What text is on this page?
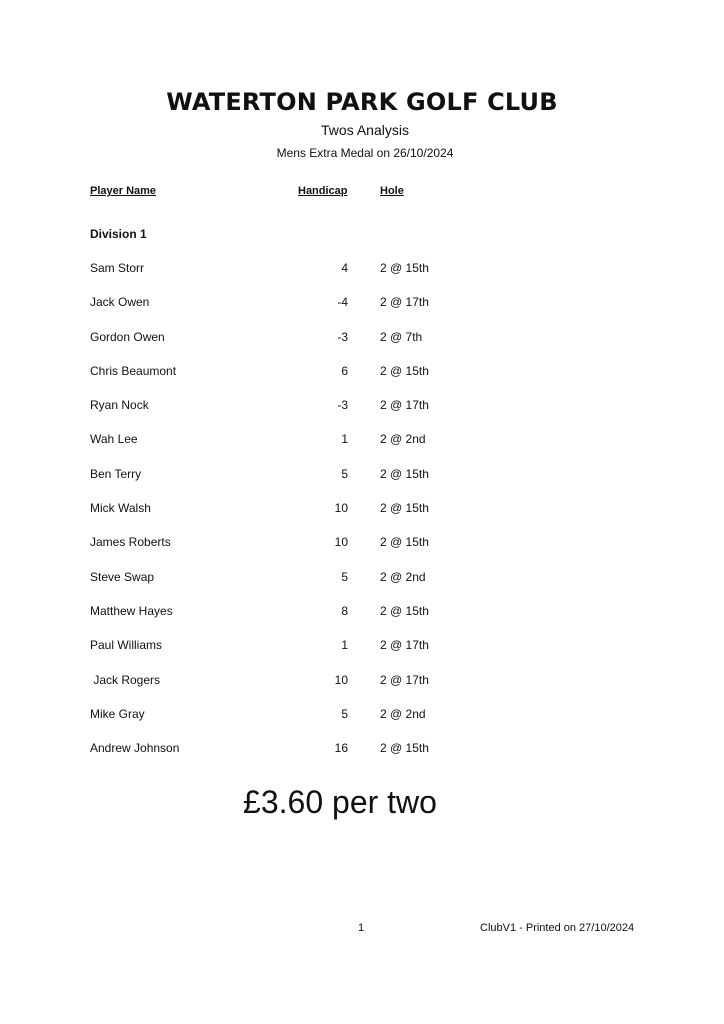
WATERTON PARK GOLF CLUB
Twos Analysis
Mens Extra Medal on 26/10/2024
Player Name	Handicap	Hole
Division 1
Sam Storr	4	2 @ 15th
Jack Owen	-4	2 @ 17th
Gordon Owen	-3	2 @ 7th
Chris Beaumont	6	2 @ 15th
Ryan Nock	-3	2 @ 17th
Wah Lee	1	2 @ 2nd
Ben Terry	5	2 @ 15th
Mick Walsh	10	2 @ 15th
James Roberts	10	2 @ 15th
Steve Swap	5	2 @ 2nd
Matthew Hayes	8	2 @ 15th
Paul Williams	1	2 @ 17th
Jack Rogers	10	2 @ 17th
Mike Gray	5	2 @ 2nd
Andrew Johnson	16	2 @ 15th
£3.60 per two
1	ClubV1 - Printed on 27/10/2024
